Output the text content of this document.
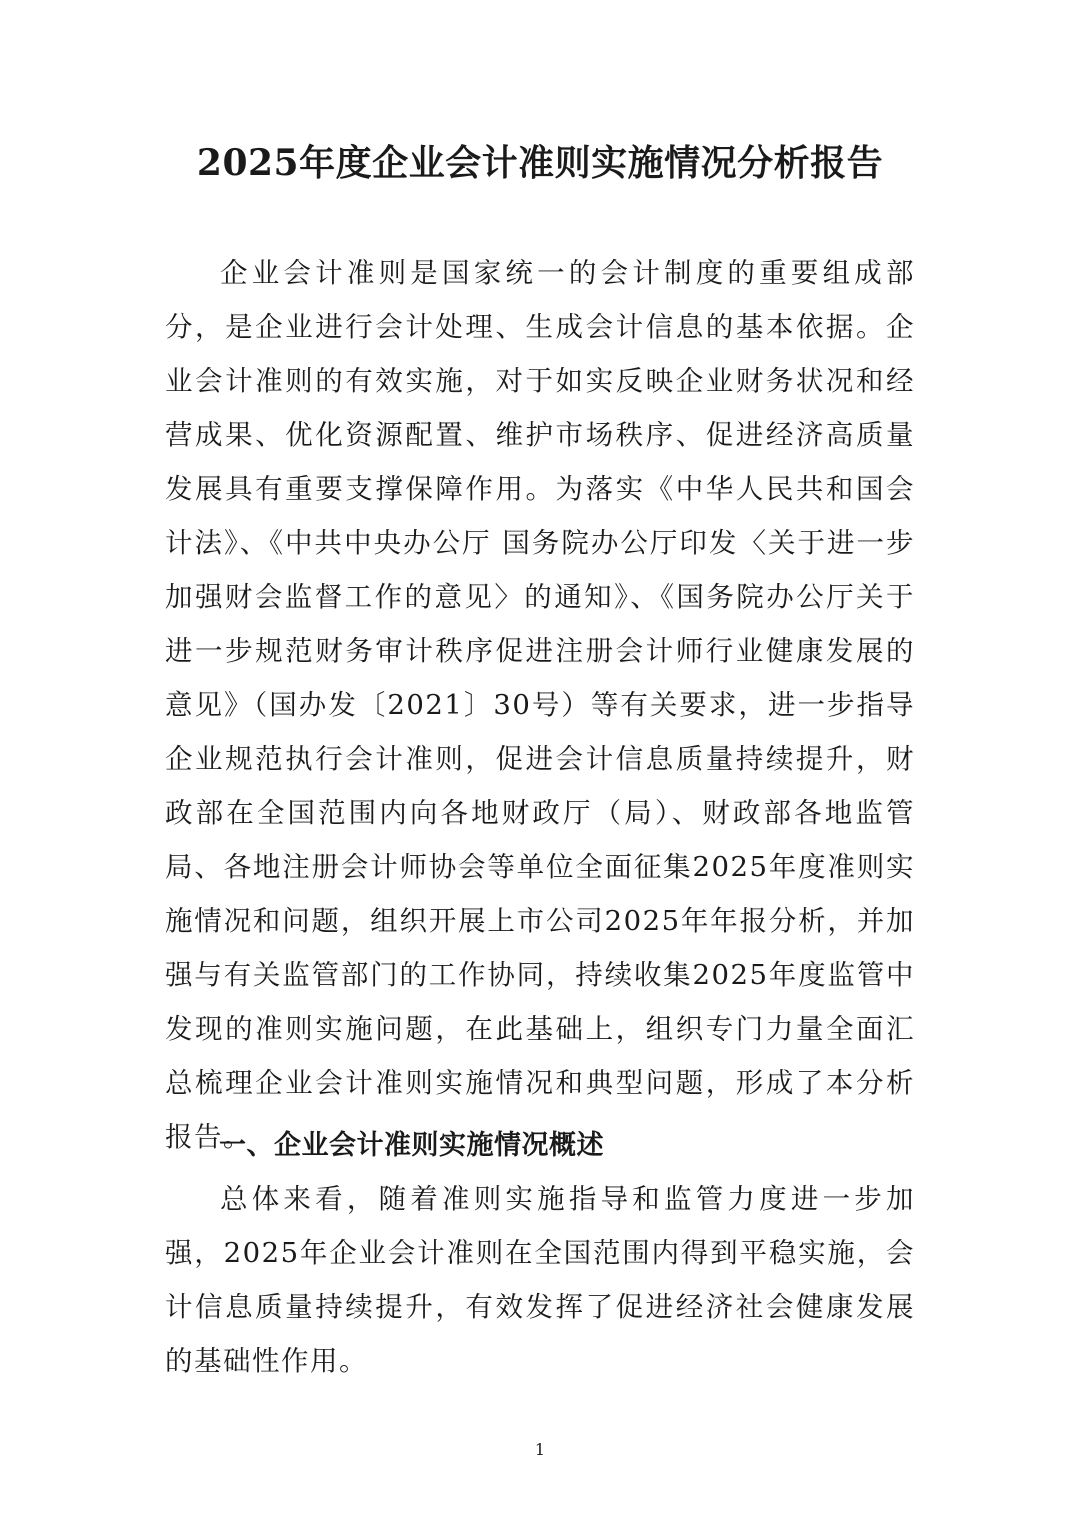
2025年度企业会计准则实施情况分析报告

企业会计准则是国家统一的会计制度的重要组成部分，是企业进行会计处理、生成会计信息的基本依据。企业会计准则的有效实施，对于如实反映企业财务状况和经营成果、优化资源配置、维护市场秩序、促进经济高质量发展具有重要支撑保障作用。为落实《中华人民共和国会计法》、《中共中央办公厅 国务院办公厅印发〈关于进一步加强财会监督工作的意见〉的通知》、《国务院办公厅关于进一步规范财务审计秩序促进注册会计师行业健康发展的意见》（国办发〔2021〕30号）等有关要求，进一步指导企业规范执行会计准则，促进会计信息质量持续提升，财政部在全国范围内向各地财政厅（局）、财政部各地监管局、各地注册会计师协会等单位全面征集2025年度准则实施情况和问题，组织开展上市公司2025年年报分析，并加强与有关监管部门的工作协同，持续收集2025年度监管中发现的准则实施问题，在此基础上，组织专门力量全面汇总梳理企业会计准则实施情况和典型问题，形成了本分析报告。

一、企业会计准则实施情况概述

总体来看，随着准则实施指导和监管力度进一步加强，2025年企业会计准则在全国范围内得到平稳实施，会计信息质量持续提升，有效发挥了促进经济社会健康发展的基础性作用。

1
